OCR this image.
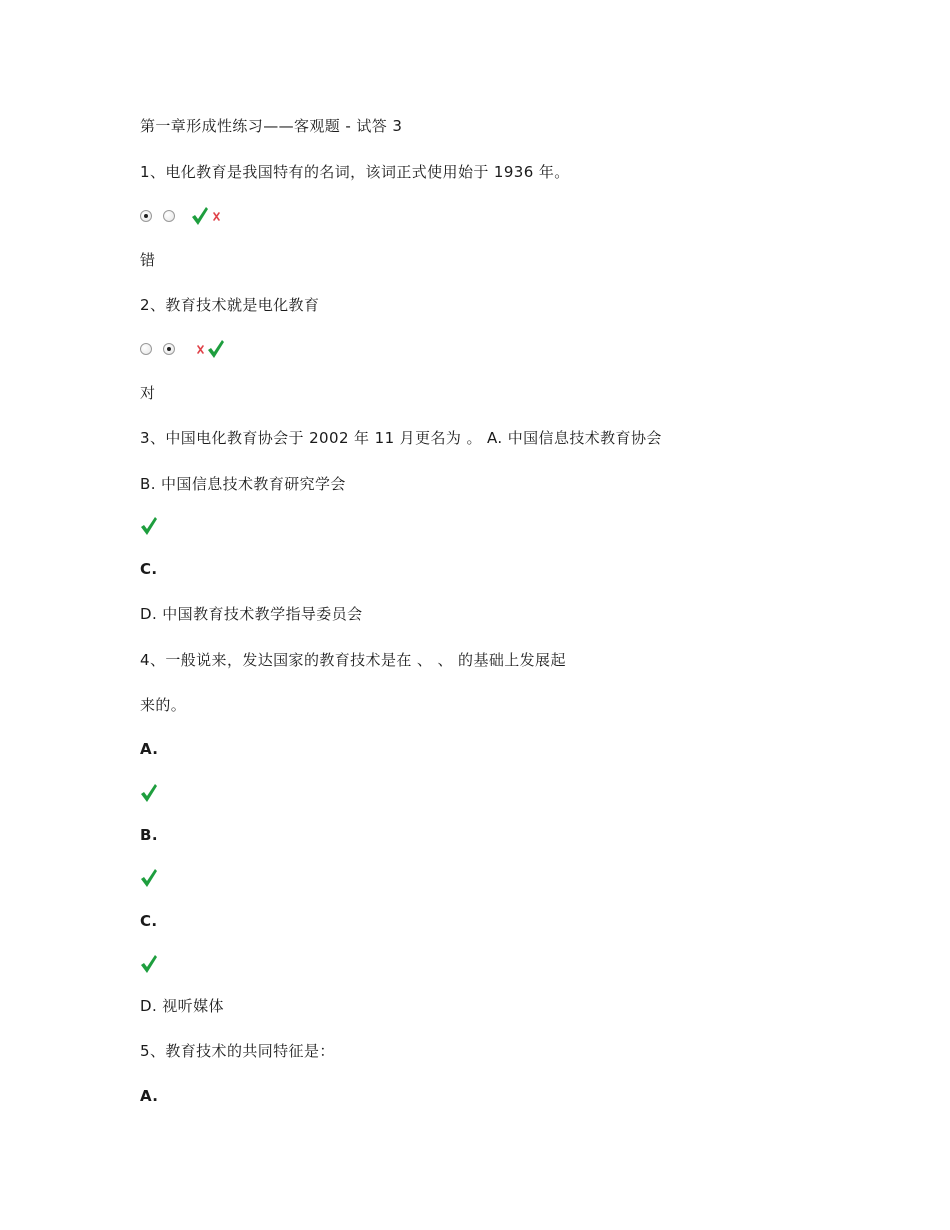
第一章形成性练习——客观题 - 试答 3
1、电化教育是我国特有的名词，该词正式使用始于 1936 年。
错
2、教育技术就是电化教育
对
3、中国电化教育协会于 2002 年 11 月更名为 。 A. 中国信息技术教育协会
B. 中国信息技术教育研究学会
C.
D. 中国教育技术教学指导委员会
4、一般说来，发达国家的教育技术是在 、 、 的基础上发展起
来的。
A.
B.
C.
D. 视听媒体
5、教育技术的共同特征是：
A.
